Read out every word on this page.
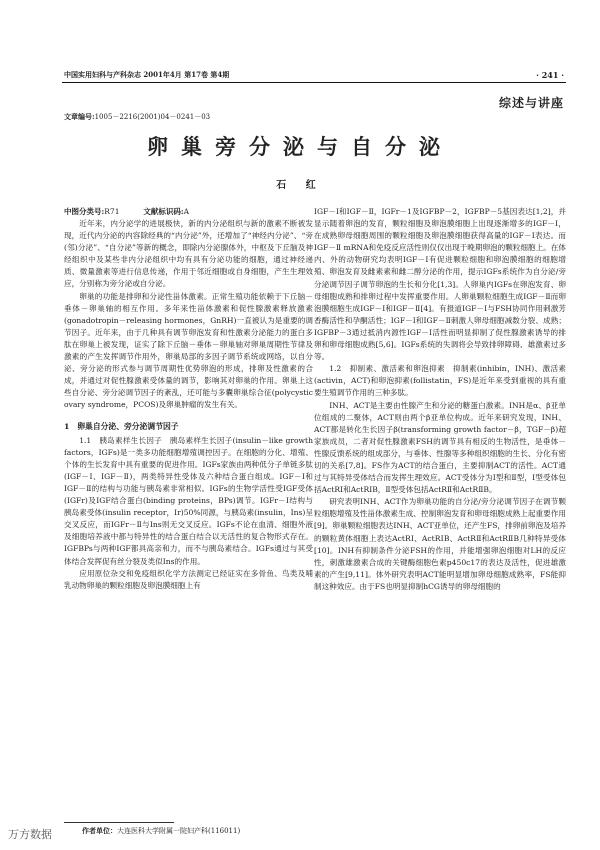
中国实用妇科与产科杂志 2001年4月 第17卷 第4期	· 241 ·
综述与讲座
文章编号:1005－2216(2001)04－0241－03
卵巢旁分泌与自分泌
石 红
中图分类号:R71	文献标识码:A

近年来，内分泌学的进展极快，新的内分泌组织与新的激素不断被发现，近代内分泌的内容除经典的“内分泌”外，还增加了“神经内分泌”、“旁(邻)分泌”、“自分泌”等新的概念，即除内分泌腺体外，中枢及下丘脑及神经组织中及某些非内分泌组织中均有具有分泌功能的细胞，通过神经递质、微量激素等进行信息传递，作用于邻近细胞或自身细胞，产生生理效应，分别称为旁分泌或自分泌。

卵巢的功能是排卵和分泌性甾体激素。正常生殖功能依赖于下丘脑－垂体－卵巢轴的相互作用。多年来性甾体激素和促性腺激素释放激素(gonadotropin－releasing hormones，GnRH)一直被认为是重要的调节因子。近年来，由于几种具有调节卵泡发育和性激素分泌能力的蛋白多肽在卵巢上被发现，证实了除下丘脑－垂体－卵巢轴对卵巢周期性节律及激素的产生发挥调节作用外，卵巢局部的多因子调节系统或网络，以自分泌、旁分泌的形式参与调节周期性优势卵泡的形成，排卵及性激素的合成，并通过对促性腺激素受体量的调节，影响其对卵巢的作用。卵巢上这些自分泌、旁分泌调节因子的紊乱，还可能与多囊卵巢综合征(polycystic ovary syndrome，PCOS)及卵巢肿瘤的发生有关。

1　卵巢自分泌、旁分泌调节因子

1.1　胰岛素样生长因子　胰岛素样生长因子(insulin－like growth factors，IGFs)是一类多功能细胞增殖调控因子。在细胞的分化、增殖、个体的生长发育中具有重要的促进作用。IGFs家族由两种低分子单链多肽(IGF－Ⅰ、IGF－Ⅱ)，两类特异性受体及六种结合蛋白组成。IGF－Ⅰ和IGF－Ⅱ的结构与功能与胰岛素非常相似。IGFs的生物学活性受IGF受体(IGFr)及IGF结合蛋白(binding proteins，BPs)调节。IGFr－Ⅰ结构与胰岛素受体(insulin receptor，Ir)50%同源，与胰岛素(insulin，Ins)呈交叉反应，而IGFr－Ⅱ与Ins则无交叉反应。IGFs不论在血清、细胞外液及细胞培养液中都与特异性的结合蛋白结合以无活性的复合物形式存在。IGFBPs与两种IGF都具高亲和力，而不与胰岛素结合。IGFs通过与其受体结合发挥促有丝分裂及类似Ins的作用。

应用原位杂交和免疫组织化学方法测定已经证实在多骨鱼、鸟类及哺乳动物卵巢的颗粒细胞及卵泡膜细胞上有

IGF－Ⅰ和IGF－Ⅱ，IGFr－1及IGFBP－2，IGFBP－5基因表达[1,2]，并显示随着卵泡的发育，颗粒细胞及卵泡膜细胞上出现逐渐增多的IGF－Ⅰ，在成熟卵母细胞周围的颗粒细胞及卵泡膜细胞获得高量的IGF－Ⅰ表达。而IGF－Ⅱ mRNA和免疫反应活性则仅仅出现于晚期卵泡的颗粒细胞上。在体内、外的动物研究均表明IGF－Ⅰ有促进颗粒细胞和卵泡膜细胞的细胞增殖、卵泡发育及雌素素和雌二醇分泌的作用，提示IGFs系统作为自分泌/旁分泌调节因子调节卵泡的生长和分化[1,3]。人卵巢内IGFs在卵泡发育、卵母细胞成熟和排卵过程中发挥重要作用。人卵巢颗粒细胞生成IGF－Ⅱ而卵泡膜细胞生成IGF－Ⅰ和IGF－Ⅱ[4]。有报道IGF－Ⅰ与FSH协同作用刺激芳香酶活性和孕酮活性；IGF－Ⅰ和IGF－Ⅱ刺激人卵母细胞减数分裂、成熟；IGFBP－3通过抵消内源性IGF－Ⅰ活性而明显抑制了促性腺激素诱导的排卵和卵母细胞成熟[5,6]。IGFs系统的失调将会导致排卵障碍、雄激素过多等。

1.2　抑制素、激活素和卵泡抑素　抑制素(inhibin，INH)、激活素(activin，ACT)和卵泡抑素(follistatin，FS)是近年来受到重视的具有重要生殖调节作用的三种多肽。

INH、ACT是主要由性腺产生和分泌的糖蛋白激素。INH是α、β亚单位组成的二聚体，ACT则由两个β亚单位构成。近年来研究发现，INH、ACT都是转化生长因子β(transforming growth factor－β，TGF－β)超家族成员，二者对促性腺激素FSH的调节具有相反的生物活性，是垂体－性腺反馈系统的组成部分，与垂体、性腺等多种组织细胞的生长、分化有密切的关系[7,8]。FS作为ACT的结合蛋白，主要抑制ACT的活性。ACT通过与其特异受体结合而发挥生理效应。ACT受体分为Ⅰ型和Ⅱ型，Ⅰ型受体包括ActRⅠ和ActRⅠB，Ⅱ型受体包括ActRⅡ和ActRⅡB。

研究表明INH、ACT作为卵巢功能的自分泌/旁分泌调节因子在调节颗粒细胞增殖及性甾体激素生成、控制卵泡发育和卵母细胞成熟上起重要作用[9]。卵巢颗粒细胞表达INH、ACT亚单位，还产生FS，排卵前卵泡及培养的颗粒黄体细胞上表达ActRⅠ、ActRⅠB、ActRⅡ和ActRⅡB几种特异受体[10]。INH有抑制条件分泌FSH的作用，并能增强卵泡细胞对LH的反应性，刺激雄激素合成的关键酶细胞色素p450c17的表达及活性，促进雄激素的产生[9,11]。体外研究表明ACT能明显增加卵母细胞成熟率，FS能抑制这种效应。由于FS也明显抑制hCG诱导的卵母细胞的

作者单位：大连医科大学附属一院妇产科(116011)
万方数据
